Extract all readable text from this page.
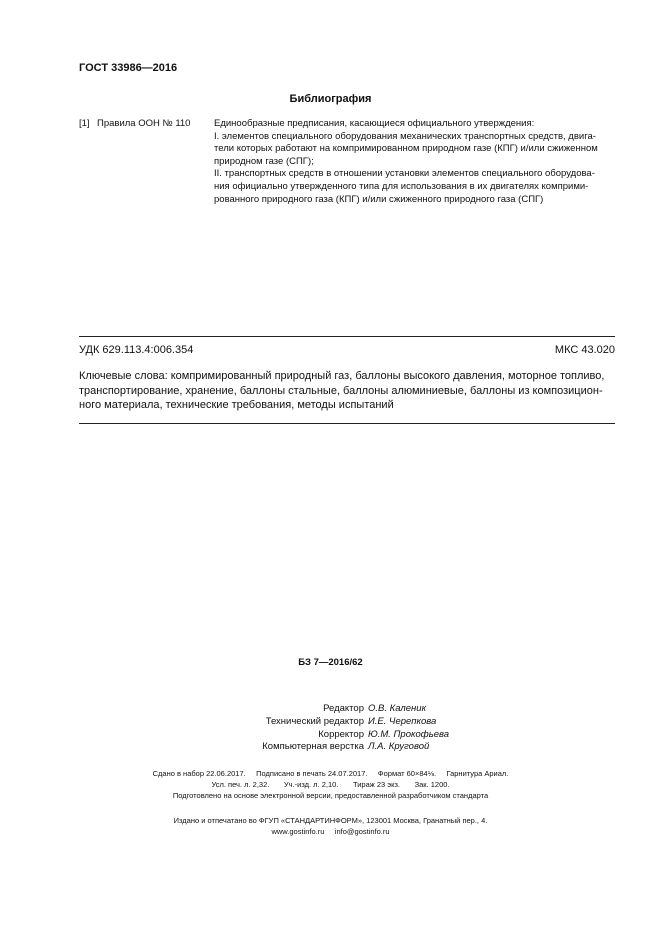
ГОСТ 33986—2016
Библиография
[1] Правила ООН № 110 Единообразные предписания, касающиеся официального утверждения:
I. элементов специального оборудования механических транспортных средств, двига-
тели которых работают на компримированном природном газе (КПГ) и/или сжиженном
природном газе (СПГ);
II. транспортных средств в отношении установки элементов специального оборудова-
ния официально утвержденного типа для использования в их двигателях комприми-
рованного природного газа (КПГ) и/или сжиженного природного газа (СПГ)
УДК 629.113.4:006.354	МКС 43.020
Ключевые слова: компримированный природный газ, баллоны высокого давления, моторное топливо,
транспортирование, хранение, баллоны стальные, баллоны алюминиевые, баллоны из композицион-
ного материала, технические требования, методы испытаний
БЗ 7—2016/62
Редактор
Технический редактор
Корректор
Компьютерная верстка
О.В. Каленик
И.Е. Черепкова
Ю.М. Прокофьева
Л.А. Круговой
Сдано в набор 22.06.2017.     Подписано в печать 24.07.2017.     Формат 60×84⅛.     Гарнитура Ариал.
Усл. печ. л. 2,32.       Уч.-изд. л. 2,10.       Тираж 23 экз.       Зак. 1200.
Подготовлено на основе электронной версии, предоставленной разработчиком стандарта
Издано и отпечатано во ФГУП «СТАНДАРТИНФОРМ», 123001 Москва, Гранатный пер., 4.
www.gostinfo.ru     info@gostinfo.ru
